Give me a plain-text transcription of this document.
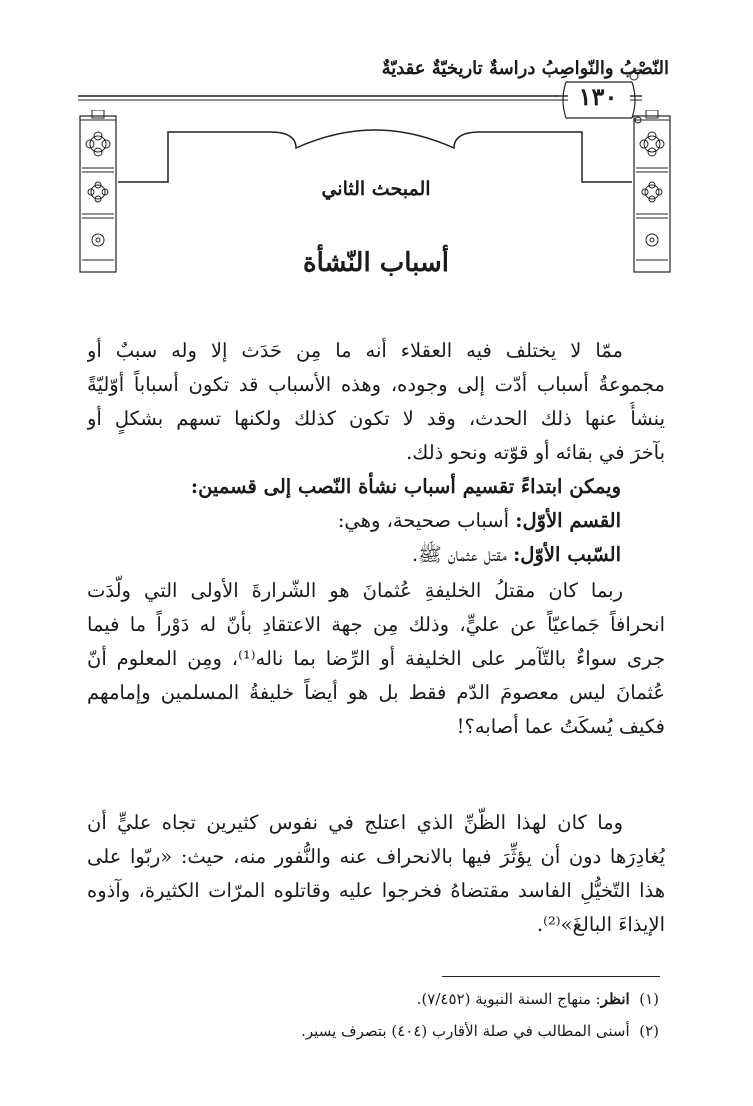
النّصْبُ والنّواصِبُ دراسةٌ تاريخيّةٌ عقديّةٌ
١٣٠
المبحث الثاني
أسباب النّشأة
ممّا لا يختلف فيه العقلاء أنه ما مِن حَدَث إلا وله سببٌ أو
مجموعةُ أسباب أدّت إلى وجوده، وهذه الأسباب قد تكون أسباباً أوّليّةً
ينشأُ عنها ذلك الحدث، وقد لا تكون كذلك ولكنها تسهم بشكلٍ أو
بآخرَ في بقائه أو قوّته ونحو ذلك.
ويمكن ابتداءً تقسيم أسباب نشأة النّصب إلى قسمين:
القسم الأوّل: أسباب صحيحة، وهي:
السّبب الأوّل: مقتل عثمان ﷺ.
ربما كان مقتلُ الخليفةِ عُثمانَ هو الشّرارةَ الأولى التي ولّدَت
انحرافاً جَماعيّاً عن عليٍّ، وذلك مِن جهة الاعتقادِ بأنّ له دَوْراً ما فيما
جرى سواءٌ بالتّآمر على الخليفة أو الرِّضا بما ناله⁽¹⁾، ومِن المعلوم أنّ
عُثمانَ ليس معصومَ الدّم فقط بل هو أيضاً خليفةُ المسلمين وإمامهم
فكيف يُسكَتُ عما أصابه؟!
وما كان لهذا الظّنِّ الذي اعتلج في نفوس كثيرين تجاه عليٍّ أن
يُغادِرَها دون أن يؤثِّرَ فيها بالانحراف عنه والنُّفور منه، حيث: «ربّوا على
هذا التّخيُّلِ الفاسد مقتضاهُ فخرجوا عليه وقاتلوه المرّات الكثيرة، وآذوه
الإيذاءَ البالغَ»⁽²⁾.
(١)  انظر: منهاج السنة النبوية (٧/٤٥٢).
(٢)  أسنى المطالب في صلة الأقارب (٤٠٤) بتصرف يسير.
